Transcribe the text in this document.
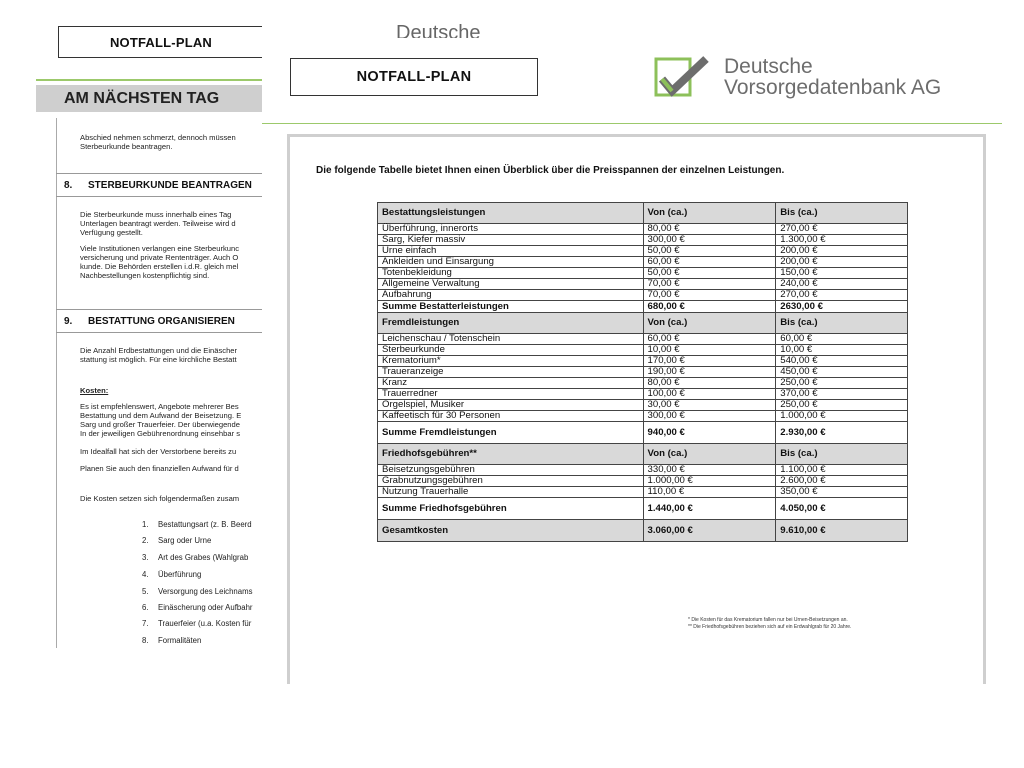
NOTFALL-PLAN
AM NÄCHSTEN TAG
Abschied nehmen schmerzt, dennoch müssen
Sterbeurkunde beantragen.
8.	STERBEURKUNDE BEANTRAGEN
Die Sterbeurkunde muss innerhalb eines Tag
Unterlagen beantragt werden. Teilweise wird d
Verfügung gestellt.
Viele Institutionen verlangen eine Sterbeurkunc
versicherung und private Rententräger. Auch O
kunde. Die Behörden erstellen i.d.R. gleich mel
Nachbestellungen kostenpflichtig sind.
9.	BESTATTUNG ORGANISIEREN
Die Anzahl Erdbestattungen und die Einäscher
stattung ist möglich. Für eine kirchliche Bestatt
Kosten:
Es ist empfehlenswert, Angebote mehrerer Bes
Bestattung und dem Aufwand der Beisetzung. E
Sarg und großer Trauerfeier. Der überwiegende
In der jeweiligen Gebührenordnung einsehbar s
Im Idealfall hat sich der Verstorbene bereits zu
Planen Sie auch den finanziellen Aufwand für d
Die Kosten setzen sich folgendermaßen zusam
1. Bestattungsart (z. B. Beerd
2. Sarg oder Urne
3. Art des Grabes (Wahlgrab
4. Überführung
5. Versorgung des Leichnams
6. Einäscherung oder Aufbahr
7. Trauerfeier (u.a. Kosten für
8. Formalitäten
Deutsche
NOTFALL-PLAN	Deutsche
Vorsorgedatenbank AG
Die folgende Tabelle bietet Ihnen einen Überblick über die Preisspannen der einzelnen Leistungen.
Bestattungsleistungen	Von (ca.)	Bis (ca.)
Überführung, innerorts	80,00 €	270,00 €
Sarg, Kiefer massiv	300,00 €	1.300,00 €
Urne einfach	50,00 €	200,00 €
Ankleiden und Einsargung	60,00 €	200,00 €
Totenbekleidung	50,00 €	150,00 €
Allgemeine Verwaltung	70,00 €	240,00 €
Aufbahrung	70,00 €	270,00 €
Summe Bestatterleistungen	680,00 €	2630,00 €
Fremdleistungen	Von (ca.)	Bis (ca.)
Leichenschau / Totenschein	60,00 €	60,00 €
Sterbeurkunde	10,00 €	10,00 €
Krematorium*	170,00 €	540,00 €
Traueranzeige	190,00 €	450,00 €
Kranz	80,00 €	250,00 €
Trauerredner	100,00 €	370,00 €
Orgelspiel, Musiker	30,00 €	250,00 €
Kaffeetisch für 30 Personen	300,00 €	1.000,00 €
Summe Fremdleistungen	940,00 €	2.930,00 €
Friedhofsgebühren**	Von (ca.)	Bis (ca.)
Beisetzungsgebühren	330,00 €	1.100,00 €
Grabnutzungsgebühren	1.000,00 €	2.600,00 €
Nutzung Trauerhalle	110,00 €	350,00 €
Summe Friedhofsgebühren	1.440,00 €	4.050,00 €
Gesamtkosten	3.060,00 €	9.610,00 €
* Die Kosten für das Krematorium fallen nur bei Urnen-Beisetzungen an.
** Die Friedhofsgebühren beziehen sich auf ein Erdwahlgrab für 20 Jahre.
